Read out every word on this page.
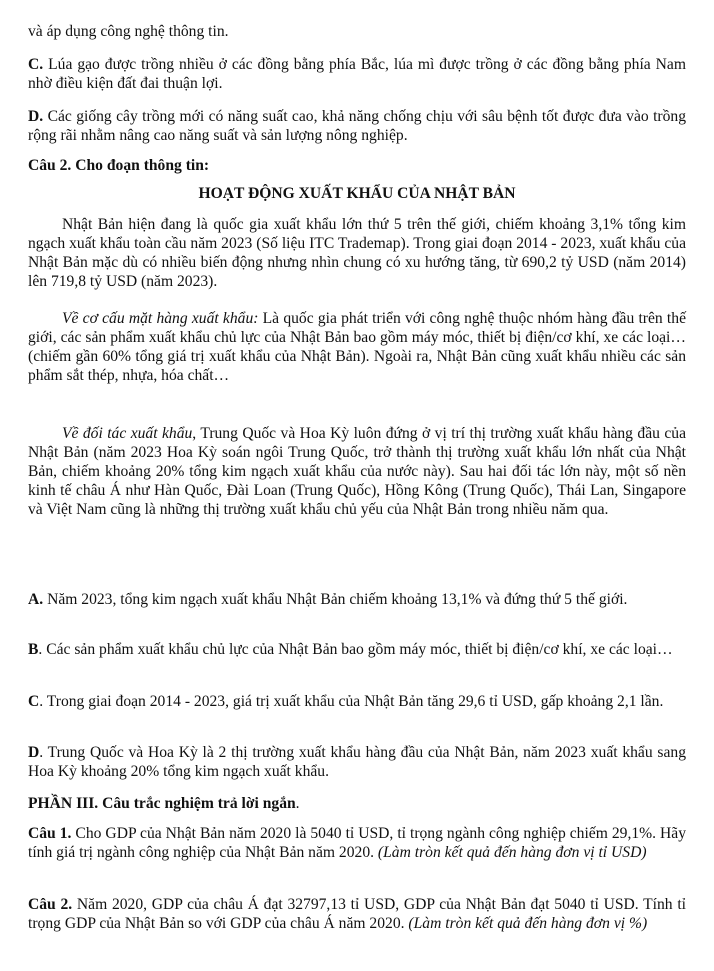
và áp dụng công nghệ thông tin.

C. Lúa gạo được trồng nhiều ở các đồng bằng phía Bắc, lúa mì được trồng ở các đồng bằng phía Nam nhờ điều kiện đất đai thuận lợi.

D. Các giống cây trồng mới có năng suất cao, khả năng chống chịu với sâu bệnh tốt được đưa vào trồng rộng rãi nhằm nâng cao năng suất và sản lượng nông nghiệp.

Câu 2. Cho đoạn thông tin:

HOẠT ĐỘNG XUẤT KHẨU CỦA NHẬT BẢN

Nhật Bản hiện đang là quốc gia xuất khẩu lớn thứ 5 trên thế giới, chiếm khoảng 3,1% tổng kim ngạch xuất khẩu toàn cầu năm 2023 (Số liệu ITC Trademap). Trong giai đoạn 2014 - 2023, xuất khẩu của Nhật Bản mặc dù có nhiều biến động nhưng nhìn chung có xu hướng tăng, từ 690,2 tỷ USD (năm 2014) lên 719,8 tỷ USD (năm 2023).

Về cơ cấu mặt hàng xuất khẩu: Là quốc gia phát triển với công nghệ thuộc nhóm hàng đầu trên thế giới, các sản phẩm xuất khẩu chủ lực của Nhật Bản bao gồm máy móc, thiết bị điện/cơ khí, xe các loại… (chiếm gần 60% tổng giá trị xuất khẩu của Nhật Bản). Ngoài ra, Nhật Bản cũng xuất khẩu nhiều các sản phẩm sắt thép, nhựa, hóa chất…

Về đối tác xuất khẩu, Trung Quốc và Hoa Kỳ luôn đứng ở vị trí thị trường xuất khẩu hàng đầu của Nhật Bản (năm 2023 Hoa Kỳ soán ngôi Trung Quốc, trở thành thị trường xuất khẩu lớn nhất của Nhật Bản, chiếm khoảng 20% tổng kim ngạch xuất khẩu của nước này). Sau hai đối tác lớn này, một số nền kinh tế châu Á như Hàn Quốc, Đài Loan (Trung Quốc), Hồng Kông (Trung Quốc), Thái Lan, Singapore và Việt Nam cũng là những thị trường xuất khẩu chủ yếu của Nhật Bản trong nhiều năm qua.

A. Năm 2023, tổng kim ngạch xuất khẩu Nhật Bản chiếm khoảng 13,1% và đứng thứ 5 thế giới.

B. Các sản phẩm xuất khẩu chủ lực của Nhật Bản bao gồm máy móc, thiết bị điện/cơ khí, xe các loại…

C. Trong giai đoạn 2014 - 2023, giá trị xuất khẩu của Nhật Bản tăng 29,6 tỉ USD, gấp khoảng 2,1 lần.

D. Trung Quốc và Hoa Kỳ là 2 thị trường xuất khẩu hàng đầu của Nhật Bản, năm 2023 xuất khẩu sang Hoa Kỳ khoảng 20% tổng kim ngạch xuất khẩu.

PHẦN III. Câu trắc nghiệm trả lời ngắn.

Câu 1. Cho GDP của Nhật Bản năm 2020 là 5040 tỉ USD, tỉ trọng ngành công nghiệp chiếm 29,1%. Hãy tính giá trị ngành công nghiệp của Nhật Bản năm 2020. (Làm tròn kết quả đến hàng đơn vị tỉ USD)

Câu 2. Năm 2020, GDP của châu Á đạt 32797,13 tỉ USD, GDP của Nhật Bản đạt 5040 tỉ USD. Tính tỉ trọng GDP của Nhật Bản so với GDP của châu Á năm 2020. (Làm tròn kết quả đến hàng đơn vị %)
